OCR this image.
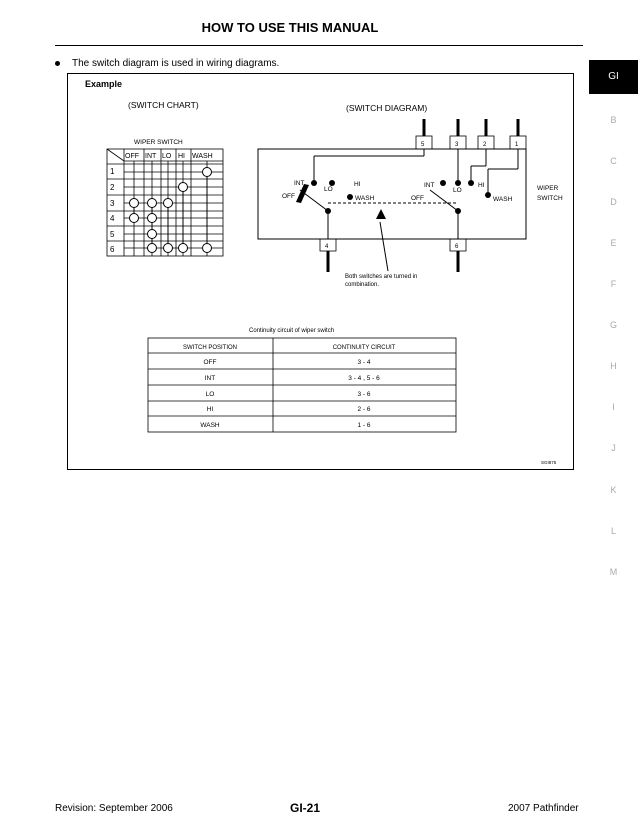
HOW TO USE THIS MANUAL
The switch diagram is used in wiring diagrams.
GI
B
C
D
E
F
G
H
I
J
K
L
M
Example
(SWITCH CHART)	(SWITCH DIAGRAM)
WIPER SWITCH
OFF INT LO HI WASH
1
2
3
4
5
6
5	3	2	1
4	6
INT
LO
HI
OFF	WASH
INT
LO
HI
OFF	WASH
WIPER
SWITCH
Both switches are turned in
combination.
Continuity circuit of wiper switch
SWITCH POSITION	CONTINUITY CIRCUIT
OFF	3 - 4
INT	3 - 4 , 5 - 6
LO	3 - 6
HI	2 - 6
WASH	1 - 6
SGI875
Revision: September 2006	GI-21	2007 Pathfinder
